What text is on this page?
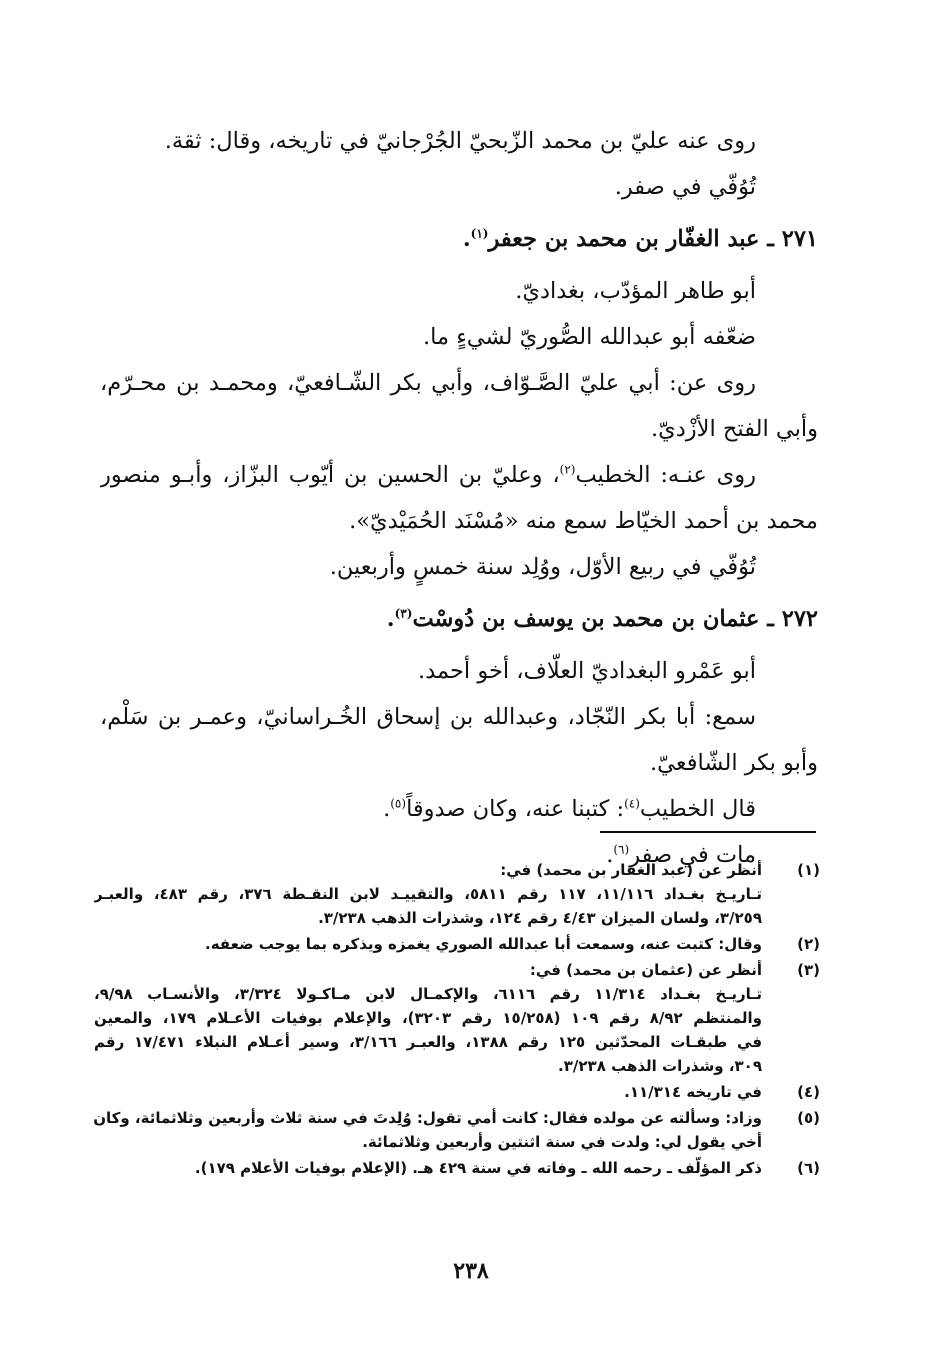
روى عنه عليّ بن محمد الزّبحيّ الجُرْجانيّ في تاريخه، وقال: ثقة.
تُوُفّي في صفر.
٢٧١ ـ عبد الغفّار بن محمد بن جعفر$^{(١)}$.
أبو طاهر المؤدّب، بغداديّ.
ضعّفه أبو عبدالله الصُّوريّ لشيءٍ ما.
روى عن: أبي عليّ الصَّـوّاف، وأبي بكر الشّـافعيّ، ومحمـد بن محـرّم،
وأبي الفتح الأزْديّ.
روى عنـه: الخطيب$^{(٢)}$، وعليّ بن الحسين بن أيّوب البزّاز، وأبـو منصور
محمد بن أحمد الخيّاط سمع منه «مُسْنَد الحُمَيْديّ».
تُوُفّي في ربيع الأوّل، ووُلِد سنة خمسٍ وأربعين.
٢٧٢ ـ عثمان بن محمد بن يوسف بن دُوسْت$^{(٣)}$.
أبو عَمْرو البغداديّ العلّاف، أخو أحمد.
سمع: أبا بكر النّجّاد، وعبدالله بن إسحاق الخُـراسانيّ، وعمـر بن سَلْم،
وأبو بكر الشّافعيّ.
قال الخطيب$^{(٤)}$: كتبنا عنه، وكان صدوقاً$^{(٥)}$.
مات في صفر$^{(٦)}$.
(١)
أنظر عن (عبد الغفار بن محمد) في:
تـاريـخ بغـداد ١١/١١٦، ١١٧ رقم ٥٨١١، والتقييـد لابن النقـطة ٣٧٦، رقم ٤٨٣، والعبـر
٣/٢٥٩، ولسان الميزان ٤/٤٣ رقم ١٢٤، وشذرات الذهب ٣/٢٣٨.
(٢)
وقال: كتبت عنه، وسمعت أبا عبدالله الصوري يغمزه ويذكره بما يوجب ضعفه.
(٣)
أنظر عن (عثمان بن محمد) في:
تـاريـخ بغـداد ١١/٣١٤ رقم ٦١١٦، والإكمـال لابن مـاكـولا ٣/٣٢٤، والأنسـاب ٩/٩٨،
والمنتظم ٨/٩٢ رقم ١٠٩ (١٥/٢٥٨ رقم ٣٢٠٣)، والإعلام بوفيات الأعـلام ١٧٩، والمعين
في طبقـات المحدّثين ١٢٥ رقم ١٣٨٨، والعبـر ٣/١٦٦، وسير أعـلام النبلاء ١٧/٤٧١ رقم
٣٠٩، وشذرات الذهب ٣/٢٣٨.
(٤)
في تاريخه ١١/٣١٤.
(٥)
وزاد: وسألته عن مولده فقال: كانت أمي تقول: وُلِدتَ في سنة ثلاث وأربعين وثلاثمائة، وكان
أخي يقول لي: ولدت في سنة اثنتين وأربعين وثلاثمائة.
(٦)
ذكر المؤلّف ـ رحمه الله ـ وفاته في سنة ٤٢٩ هـ. (الإعلام بوفيات الأعلام ١٧٩).
٢٣٨
